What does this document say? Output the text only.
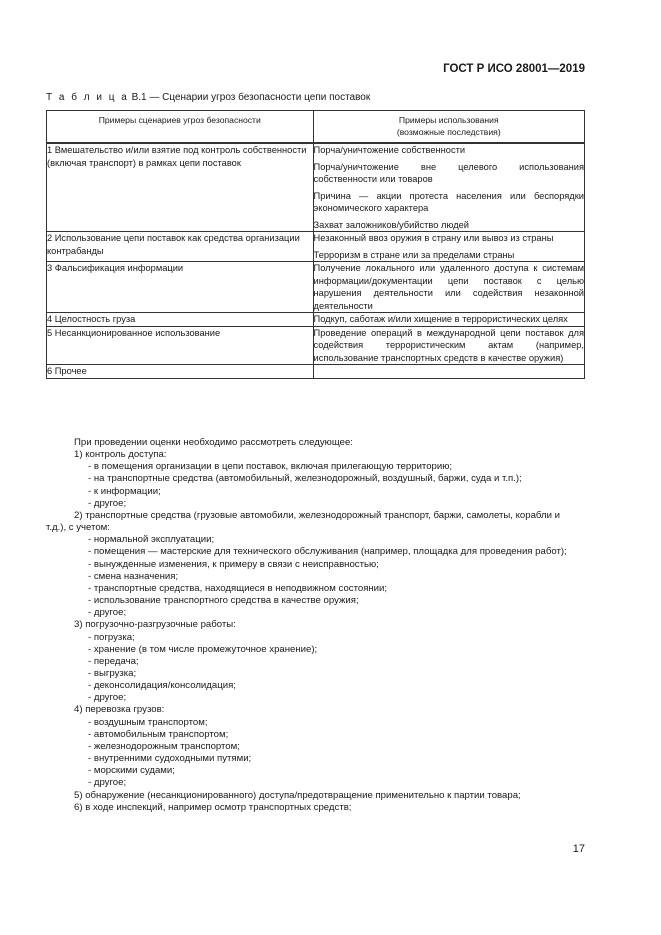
ГОСТ Р ИСО 28001—2019
Т а б л и ц а В.1 — Сценарии угроз безопасности цепи поставок
Примеры сценариев угроз безопасности	Примеры использования
(возможные последствия)

1 Вмешательство и/или взятие под контроль собственности (включая транспорт) в рамках цепи поставок	Порча/уничтожение собственности
Порча/уничтожение вне целевого использования собственности или товаров
Причина — акции протеста населения или беспорядки экономического характера
Захват заложников/убийство людей

2 Использование цепи поставок как средства организации контрабанды	Незаконный ввоз оружия в страну или вывоз из страны
Терроризм в стране или за пределами страны

3 Фальсификация информации	Получение локального или удаленного доступа к системам информации/документации цепи поставок с целью нарушения деятельности или содействия незаконной деятельности

4 Целостность груза	Подкуп, саботаж и/или хищение в террористических целях

5 Несанкционированное использование	Проведение операций в международной цепи поставок для содействия террористическим актам (например, использование транспортных средств в качестве оружия)

6 Прочее	
При проведении оценки необходимо рассмотреть следующее:
1) контроль доступа:
- в помещения организации в цепи поставок, включая прилегающую территорию;
- на транспортные средства (автомобильный, железнодорожный, воздушный, баржи, суда и т.п.);
- к информации;
- другое;
2) транспортные средства (грузовые автомобили, железнодорожный транспорт, баржи, самолеты, корабли и
т.д.), с учетом:
- нормальной эксплуатации;
- помещения — мастерские для технического обслуживания (например, площадка для проведения работ);
- вынужденные изменения, к примеру в связи с неисправностью;
- смена назначения;
- транспортные средства, находящиеся в неподвижном состоянии;
- использование транспортного средства в качестве оружия;
- другое;
3) погрузочно-разгрузочные работы:
- погрузка;
- хранение (в том числе промежуточное хранение);
- передача;
- выгрузка;
- деконсолидация/консолидация;
- другое;
4) перевозка грузов:
- воздушным транспортом;
- автомобильным транспортом;
- железнодорожным транспортом;
- внутренними судоходными путями;
- морскими судами;
- другое;
5) обнаружение (несанкционированного) доступа/предотвращение применительно к партии товара;
6) в ходе инспекций, например осмотр транспортных средств;
17
